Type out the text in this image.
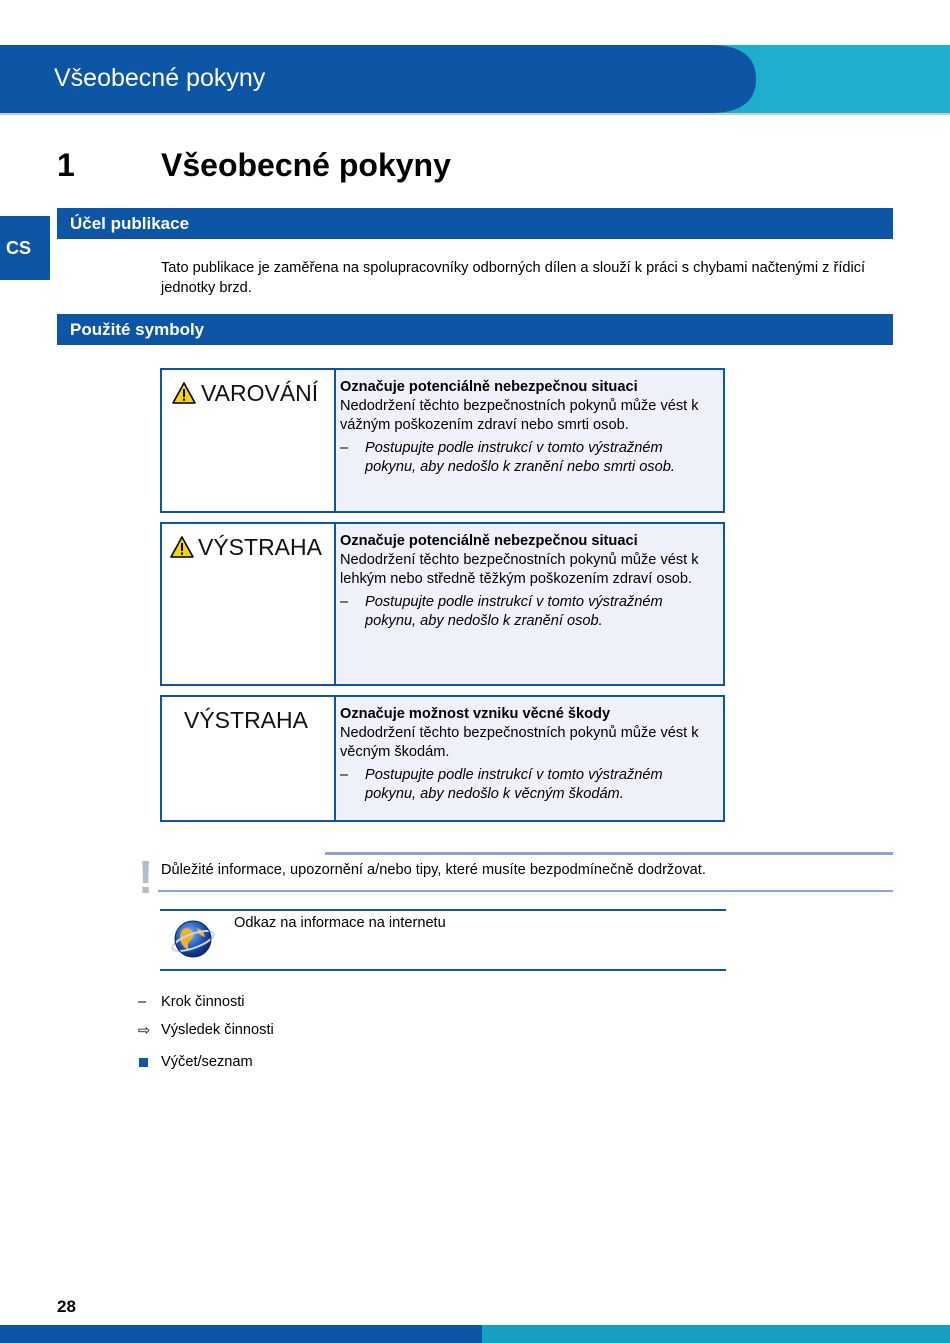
Všeobecné pokyny
1	Všeobecné pokyny
CS
Účel publikace
Tato publikace je zaměřena na spolupracovníky odborných dílen a slouží k práci s chybami načtenými z řídicí jednotky brzd.
Použité symboly
VAROVÁNÍ Označuje potenciálně nebezpečnou situaci
Nedodržení těchto bezpečnostních pokynů může vést k vážným poškozením zdraví nebo smrti osob.
– Postupujte podle instrukcí v tomto výstražném pokynu, aby nedošlo k zranění nebo smrti osob.
VÝSTRAHA Označuje potenciálně nebezpečnou situaci
Nedodržení těchto bezpečnostních pokynů může vést k lehkým nebo středně těžkým poškozením zdraví osob.
– Postupujte podle instrukcí v tomto výstražném pokynu, aby nedošlo k zranění osob.
VÝSTRAHA Označuje možnost vzniku věcné škody
Nedodržení těchto bezpečnostních pokynů může vést k věcným škodám.
– Postupujte podle instrukcí v tomto výstražném pokynu, aby nedošlo k věcným škodám.
! Důležité informace, upozornění a/nebo tipy, které musíte bezpodmínečně dodržovat.
Odkaz na informace na internetu
–	Krok činnosti
⇨ Výsledek činnosti
Výčet/seznam
28
